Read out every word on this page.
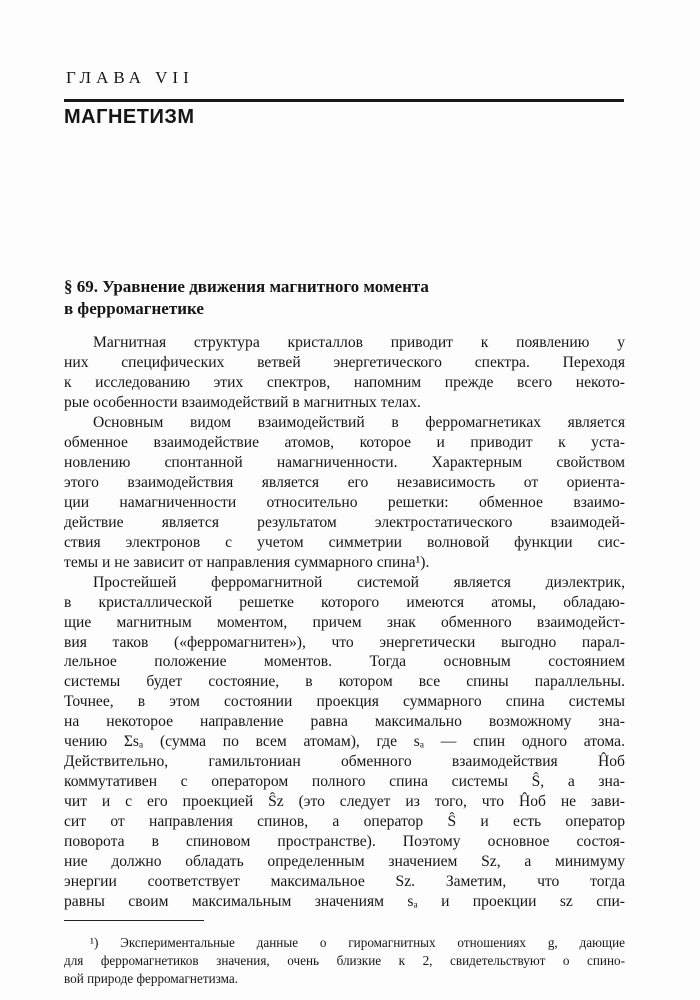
ГЛАВА VII
МАГНЕТИЗМ
§ 69. Уравнение движения магнитного момента
в ферромагнетике
Магнитная структура кристаллов приводит к появлению у
них специфических ветвей энергетического спектра. Переходя
к исследованию этих спектров, напомним прежде всего некото-
рые особенности взаимодействий в магнитных телах.
Основным видом взаимодействий в ферромагнетиках является
обменное взаимодействие атомов, которое и приводит к уста-
новлению спонтанной намагниченности. Характерным свойством
этого взаимодействия является его независимость от ориента-
ции намагниченности относительно решетки: обменное взаимо-
действие является результатом электростатического взаимодей-
ствия электронов с учетом симметрии волновой функции сис-
темы и не зависит от направления суммарного спина¹).
Простейшей ферромагнитной системой является диэлектрик,
в кристаллической решетке которого имеются атомы, обладаю-
щие магнитным моментом, причем знак обменного взаимодейст-
вия таков («ферромагнитен»), что энергетически выгодно парал-
лельное положение моментов. Тогда основным состоянием
системы будет состояние, в котором все спины параллельны.
Точнее, в этом состоянии проекция суммарного спина системы
на некоторое направление равна максимально возможному зна-
чению Σsₐ (сумма по всем атомам), где sₐ — спин одного атома.
Действительно, гамильтониан обменного взаимодействия Ĥоб
коммутативен с оператором полного спина системы Ŝ, а зна-
чит и с его проекцией Ŝz (это следует из того, что Ĥоб не зави-
сит от направления спинов, а оператор Ŝ и есть оператор
поворота в спиновом пространстве). Поэтому основное состоя-
ние должно обладать определенным значением Sz, а минимуму
энергии соответствует максимальное Sz. Заметим, что тогда
равны своим максимальным значениям sₐ и проекции sz спи-
¹) Экспериментальные данные о гиромагнитных отношениях g, дающие
для ферромагнетиков значения, очень близкие к 2, свидетельствуют о спино-
вой природе ферромагнетизма.
